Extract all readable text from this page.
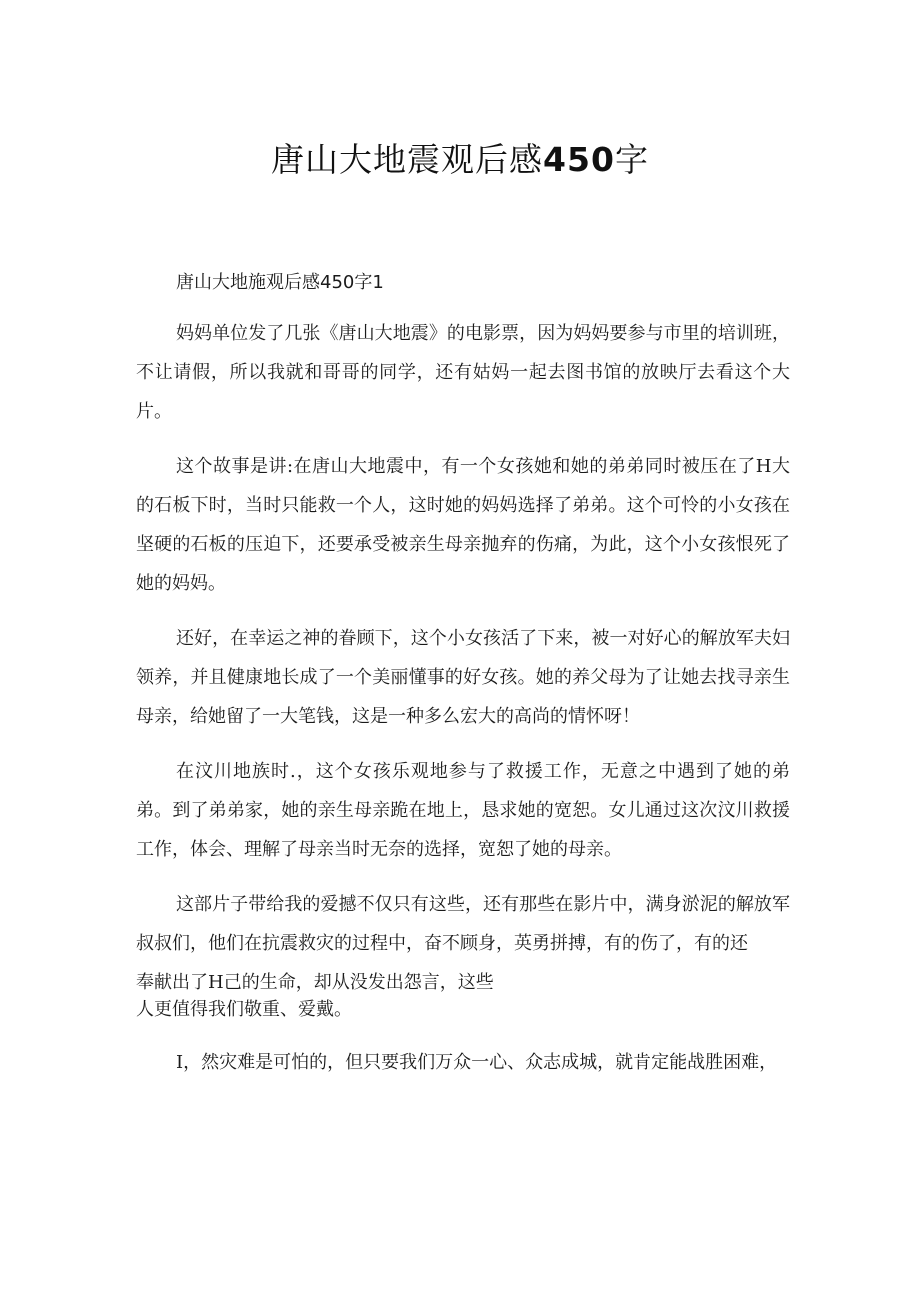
唐山大地震观后感450字

唐山大地施观后感450字1

妈妈单位发了几张《唐山大地震》的电影票，因为妈妈要参与市里的培训班，不让请假，所以我就和哥哥的同学，还有姑妈一起去图书馆的放映厅去看这个大片。

这个故事是讲:在唐山大地震中，有一个女孩她和她的弟弟同时被压在了H大的石板下时，当时只能救一个人，这时她的妈妈选择了弟弟。这个可怜的小女孩在坚硬的石板的压迫下，还要承受被亲生母亲抛弃的伤痛，为此，这个小女孩恨死了她的妈妈。

还好，在幸运之神的眷顾下，这个小女孩活了下来，被一对好心的解放军夫妇领养，并且健康地长成了一个美丽懂事的好女孩。她的养父母为了让她去找寻亲生母亲，给她留了一大笔钱，这是一种多么宏大的高尚的情怀呀！

在汶川地族时.，这个女孩乐观地参与了救援工作，无意之中遇到了她的弟弟。到了弟弟家，她的亲生母亲跪在地上，恳求她的宽恕。女儿通过这次汶川救援工作，体会、理解了母亲当时无奈的选择，宽恕了她的母亲。

这部片子带给我的爱撼不仅只有这些，还有那些在影片中，满身淤泥的解放军叔叔们，他们在抗震救灾的过程中，奋不顾身，英勇拼搏，有的伤了，有的还

奉献出了H己的生命，却从没发出怨言，这些
人更值得我们敬重、爱戴。

I，然灾难是可怕的，但只要我们万众一心、众志成城，就肯定能战胜困难，
